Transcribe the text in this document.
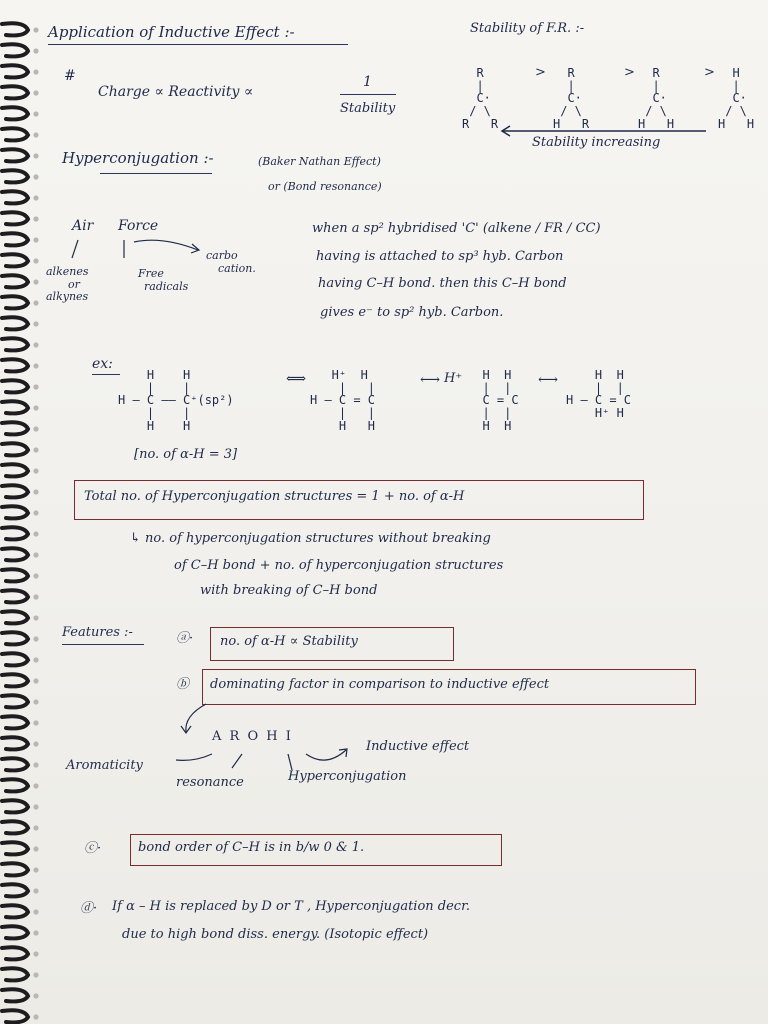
Application of Inductive Effect :-	Stability of F.R. :-

R
|
C·
/ \
R   R

>

R
|
C·
/ \
H   R

>

R
|
C·
/ \
H   H

>

H
|
C·
/ \
H   H

Stability increasing
#
Charge ∝ Reactivity ∝
1
Stability
Hyperconjugation :-	(Baker Nathan Effect)
or (Bond resonance)
Air Force
alkenes
or
alkynes
Free
radicals
carbo
cation.
when a sp² hybridised 'C' (alkene / FR / CC)
having is attached to sp³ hyb. Carbon
having C–H bond. then this C–H bond
gives e⁻ to sp² hyb. Carbon.
ex:

H    H
|    |
H — C —— C⁺(sp²)
|    |
H    H

⟺

H⁺  H
|   |
H — C = C
|   |
H   H

⟷ H⁺

H  H
|  |
C = C
|  |
H  H

⟷

H  H
|  |
H — C = C
H⁺ H

[no. of α-H = 3]
Total no. of Hyperconjugation structures = 1 + no. of α-H
↳ no. of hyperconjugation structures without breaking
of C–H bond + no. of hyperconjugation structures
with breaking of C–H bond
Features :-	ⓐ· no. of α-H ∝ Stability
ⓑ dominating factor in comparison to inductive effect
A R O H I
Aromaticity
resonance	Hyperconjugation
Inductive effect
ⓒ·	bond order of C–H is in b/w 0 & 1.
ⓓ· If α – H is replaced by D or T , Hyperconjugation decr.
due to high bond diss. energy. (Isotopic effect)
